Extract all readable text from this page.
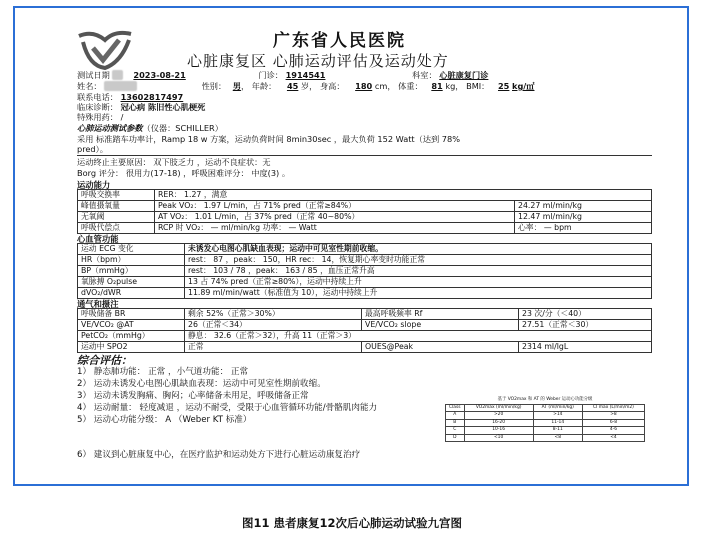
广东省人民医院
心脏康复区 心肺运动评估及运动处方
测试日期	2023-08-21	门诊： 1914541	科室： 心脏康复门诊
姓名：	性别： 男， 年龄： 45 岁， 身高： 180 cm， 体重： 81 kg， BMI： 25 kg/㎡
联系电话： 13602817497
临床诊断： 冠心病 陈旧性心肌梗死
特殊用药： /
心肺运动测试参数（仪器：SCHILLER）
采用 标准踏车功率计，Ramp 18 w 方案，运动负荷时间 8min30sec ，最大负荷 152 Watt（达到 78%
pred）。
运动终止主要原因： 双下肢乏力 ，运动不良症状：无
Borg 评分： 很用力(17-18) ，呼吸困难评分： 中度(3) 。
运动能力
呼吸交换率	RER： 1.27 ，满意	
峰值摄氧量	Peak VO₂： 1.97 L/min，占 71% pred（正常≥84%）	24.27 ml/min/kg
无氧阈	AT VO₂： 1.01 L/min，占 37% pred（正常 40~80%）	12.47 ml/min/kg
呼吸代偿点	RCP 时 VO₂： — ml/min/kg 功率： — Watt	心率： — bpm
心血管功能
运动 ECG 变化	未诱发心电图心肌缺血表现；运动中可见室性期前收缩。
HR（bpm）	rest： 87 ，peak： 150，HR rec： 14，恢复期心率变时功能正常
BP（mmHg）	rest： 103 / 78 ，peak： 163 / 85 ，血压正常升高
氧脉搏 O₂pulse	13 占 74% pred（正常≥80%），运动中持续上升
dVO₂/dWR	11.89 ml/min/watt（标准值为 10），运动中持续上升
通气和摄注
呼吸储备 BR	剩余 52%（正常＞30%）	最高呼吸频率 Rf	23 次/分（＜40）
VE/VCO₂ @AT	26（正常＜34）	VE/VCO₂ slope	27.51（正常＜30）
PetCO₂（mmHg）	静息： 32.6（正常＞32），升高 11（正常＞3）		
运动中 SPO2	正常	OUES@Peak	2314 ml/lgL
综合评估：
1） 静态肺功能： 正常 ，小气道功能： 正常
2） 运动未诱发心电图心肌缺血表现：运动中可见室性期前收缩。
3） 运动未诱发胸痛、胸闷；心率储备未用足，呼吸储备正常
4） 运动耐量： 轻度减退 ，运动不耐受，受限于心血管循环功能/骨骼肌肉能力
5） 运动心功能分级： A （Weber KT 标准）
基于 VO2max 和 AT 的 Weber 运动心功能分级			
Class	VO2max (ml/min/kg)	AT (ml/min/kg)	CI max (L/min/m2)
A	>20	>14	>8
B	16-20	11-14	6-8
C	10-16	8-11	4-6
D	<10	<8	<4
6） 建议到心脏康复中心，在医疗监护和运动处方下进行心脏运动康复治疗
图11 患者康复12次后心肺运动试验九宫图
